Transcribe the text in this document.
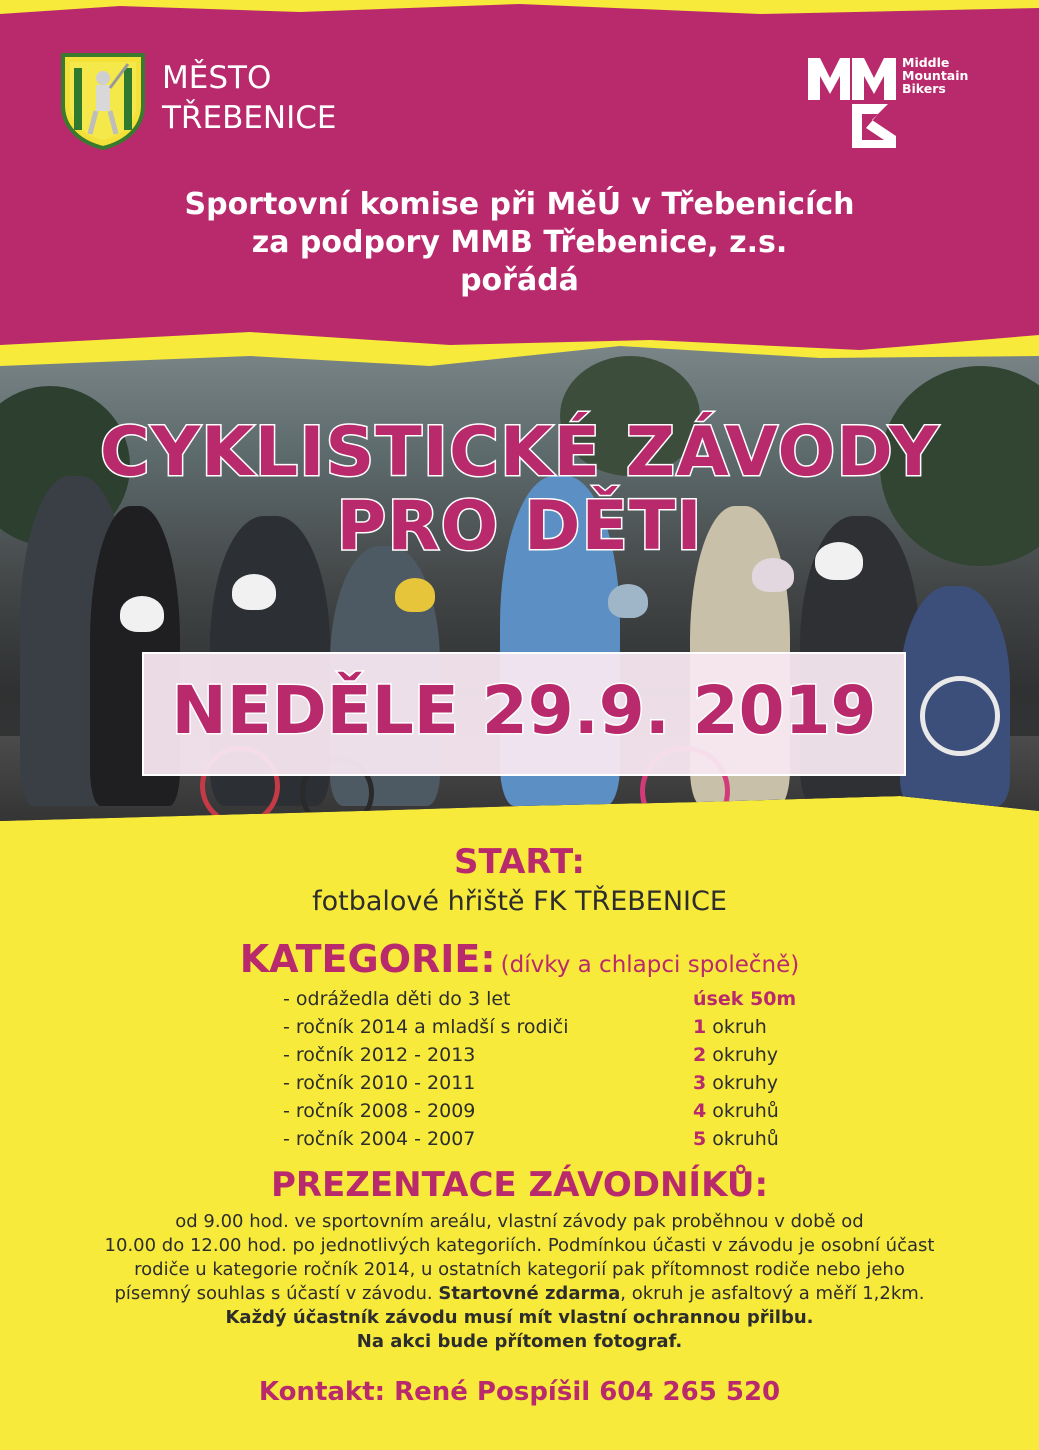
MĚSTO
TŘEBENICE
Middle
Mountain
Bikers
Sportovní komise při MěÚ v Třebenicích
za podpory MMB Třebenice, z.s.
pořádá
CYKLISTICKÉ ZÁVODY
PRO DĚTI
NEDĚLE 29.9. 2019
START:
fotbalové hřiště FK TŘEBENICE
KATEGORIE: (dívky a chlapci společně)
- odrážedla děti do 3 let	úsek 50m
- ročník 2014 a mladší s rodiči	1 okruh
- ročník 2012 - 2013	2 okruhy
- ročník 2010 - 2011	3 okruhy
- ročník 2008 - 2009	4 okruhů
- ročník 2004 - 2007	5 okruhů
PREZENTACE ZÁVODNÍKŮ:
od 9.00 hod. ve sportovním areálu, vlastní závody pak proběhnou v době od
10.00 do 12.00 hod. po jednotlivých kategoriích. Podmínkou účasti v závodu je osobní účast
rodiče u kategorie ročník 2014, u ostatních kategorií pak přítomnost rodiče nebo jeho
písemný souhlas s účastí v závodu. Startovné zdarma, okruh je asfaltový a měří 1,2km.
Každý účastník závodu musí mít vlastní ochrannou přilbu.
Na akci bude přítomen fotograf.
Kontakt: René Pospíšil 604 265 520
